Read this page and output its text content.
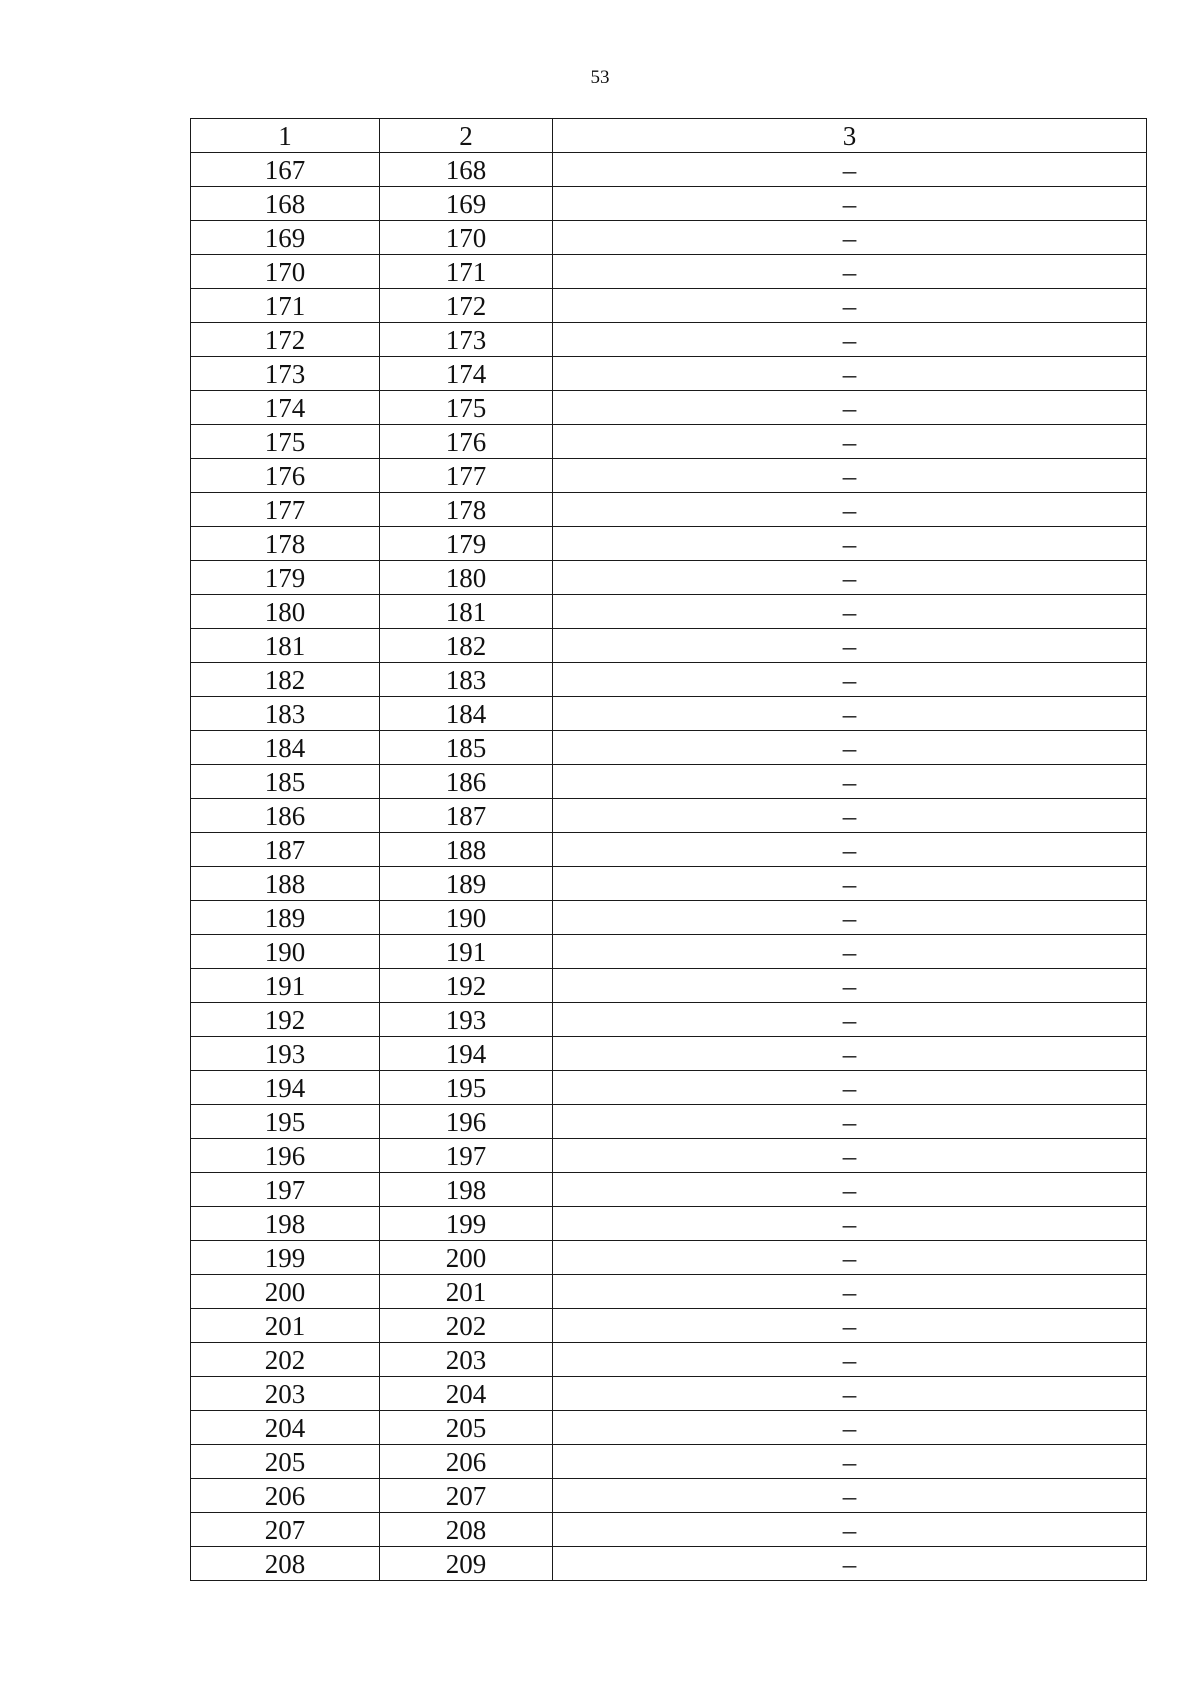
53
1	2	3
167	168	–
168	169	–
169	170	–
170	171	–
171	172	–
172	173	–
173	174	–
174	175	–
175	176	–
176	177	–
177	178	–
178	179	–
179	180	–
180	181	–
181	182	–
182	183	–
183	184	–
184	185	–
185	186	–
186	187	–
187	188	–
188	189	–
189	190	–
190	191	–
191	192	–
192	193	–
193	194	–
194	195	–
195	196	–
196	197	–
197	198	–
198	199	–
199	200	–
200	201	–
201	202	–
202	203	–
203	204	–
204	205	–
205	206	–
206	207	–
207	208	–
208	209	–
